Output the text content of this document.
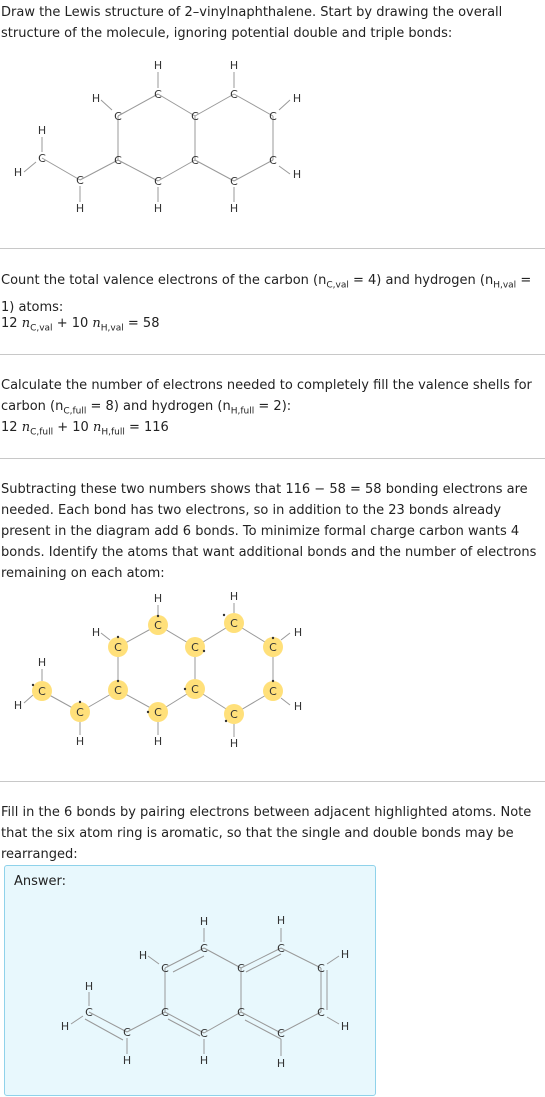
Draw the Lewis structure of 2–vinylnaphthalene. Start by drawing the overall structure of the molecule, ignoring potential double and triple bonds:
C
C
C
C
C
C
C
C
C
C
C
C
H	H
H	H
H
H	H
H
H
H
Count the total valence electrons of the carbon $(n_{C,val} = 4)$ and hydrogen $(n_{H,val} = 1)$ atoms:
12 $n_{C,val} + 10$ $n_{H,val} = 58$
Calculate the number of electrons needed to completely fill the valence shells for carbon $(n_{C,full} = 8)$ and hydrogen $(n_{H,full} = 2)$:
12 $n_{C,full} + 10$ $n_{H,full} = 116$
Subtracting these two numbers shows that 116 − 58 = 58 bonding electrons are needed. Each bond has two electrons, so in addition to the 23 bonds already present in the diagram add 6 bonds. To minimize formal charge carbon wants 4 bonds. Identify the atoms that want additional bonds and the number of electrons remaining on each atom:
C
C
C
C
C
C
C
C
C
C
C
C
H	H
H	H
H
H	H
H
H
H
Fill in the 6 bonds by pairing electrons between adjacent highlighted atoms. Note that the six atom ring is aromatic, so that the single and double bonds may be rearranged:
Answer:
C
C
C
C
C
C
C
C
C
C
C
C
H	H
H	H
H
H	H
H
H
H
